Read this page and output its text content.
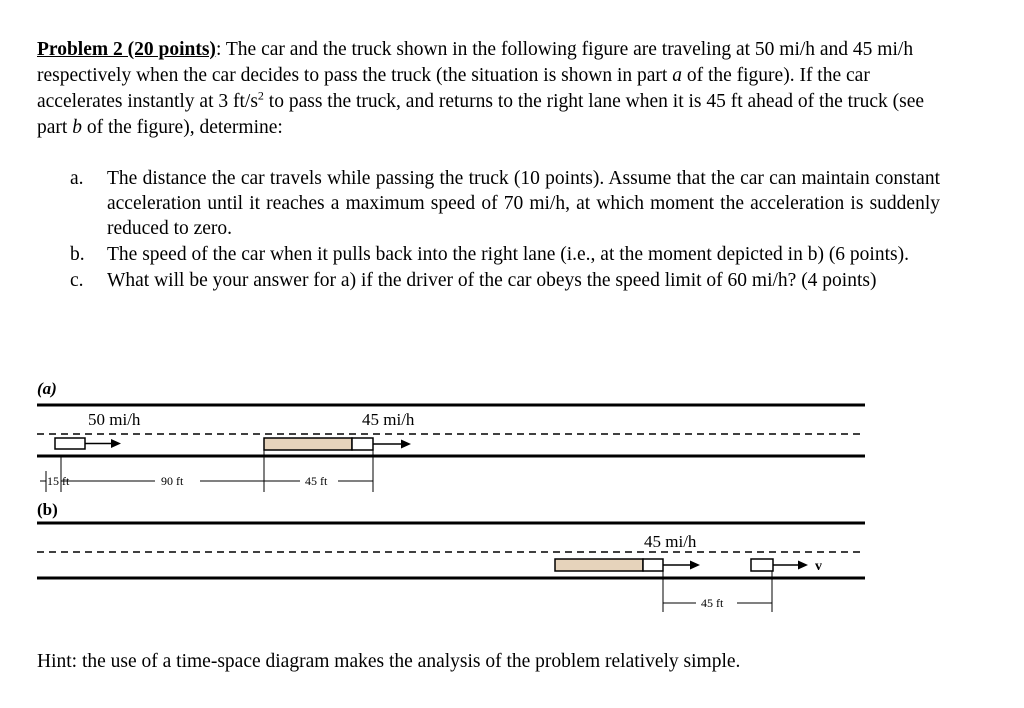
Problem 2 (20 points): The car and the truck shown in the following figure are traveling at 50 mi/h and 45 mi/h respectively when the car decides to pass the truck (the situation is shown in part a of the figure). If the car accelerates instantly at 3 $ft/s^2$ to pass the truck, and returns to the right lane when it is 45 ft ahead of the truck (see part b of the figure), determine:
a.	The distance the car travels while passing the truck (10 points). Assume that the car can maintain constant acceleration until it reaches a maximum speed of 70 mi/h, at which moment the acceleration is suddenly reduced to zero.
b.	The speed of the car when it pulls back into the right lane (i.e., at the moment depicted in b) (6 points).
c.	What will be your answer for a) if the driver of the car obeys the speed limit of 60 mi/h? (4 points)
(a)
50 mi/h	45 mi/h
15 ft	90 ft	45 ft
(b)
45 mi/h
v
45 ft
Hint: the use of a time-space diagram makes the analysis of the problem relatively simple.
